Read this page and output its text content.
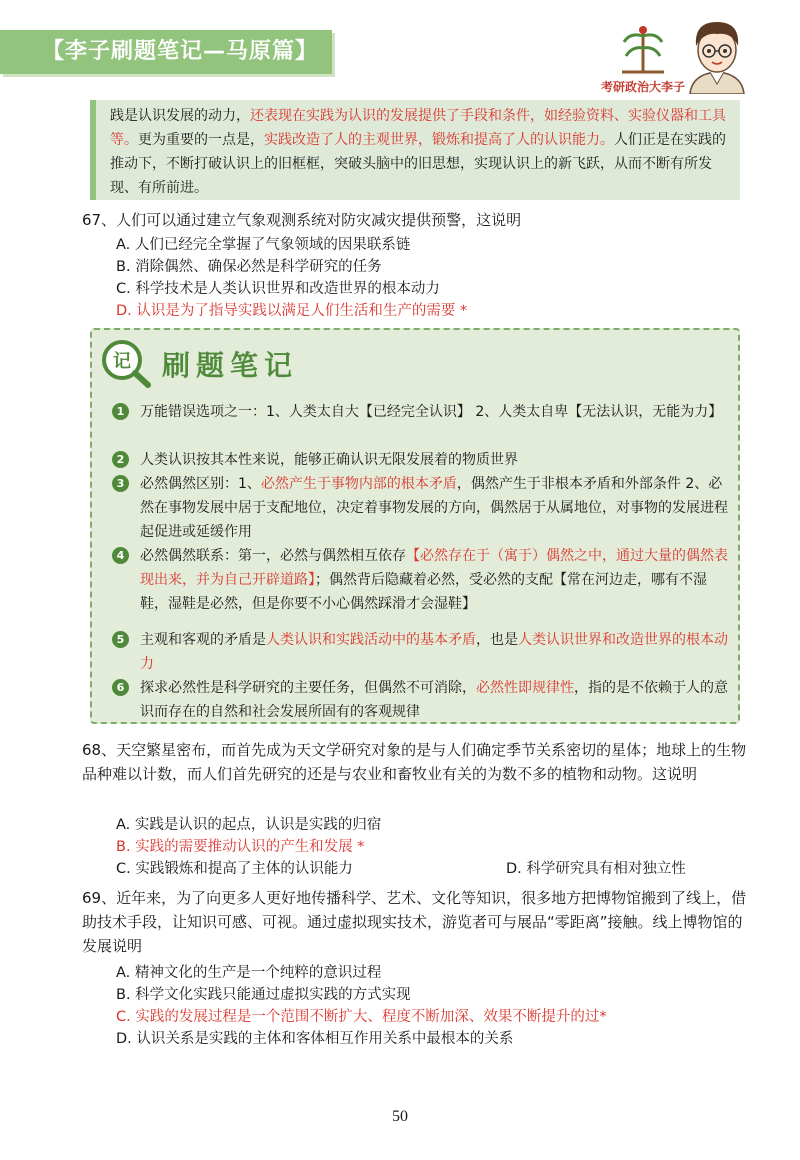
【李子刷题笔记—马原篇】
考研政治大李子
践是认识发展的动力，还表现在实践为认识的发展提供了手段和条件，如经验资料、实验仪器和工具等。更为重要的一点是，实践改造了人的主观世界，锻炼和提高了人的认识能力。人们正是在实践的推动下，不断打破认识上的旧框框，突破头脑中的旧思想，实现认识上的新飞跃，从而不断有所发现、有所前进。
67、人们可以通过建立气象观测系统对防灾减灾提供预警，这说明
A. 人们已经完全掌握了气象领域的因果联系链
B. 消除偶然、确保必然是科学研究的任务
C. 科学技术是人类认识世界和改造世界的根本动力
D. 认识是为了指导实践以满足人们生活和生产的需要 *
记 刷题笔记
1	万能错误选项之一：1、人类太自大【已经完全认识】 2、人类太自卑【无法认识，无能为力】
2	人类认识按其本性来说，能够正确认识无限发展着的物质世界
3	必然偶然区别：1、必然产生于事物内部的根本矛盾，偶然产生于非根本矛盾和外部条件 2、必然在事物发展中居于支配地位，决定着事物发展的方向，偶然居于从属地位，对事物的发展进程起促进或延缓作用
4	必然偶然联系：第一，必然与偶然相互依存【必然存在于（寓于）偶然之中，通过大量的偶然表现出来，并为自己开辟道路】；偶然背后隐藏着必然，受必然的支配【常在河边走，哪有不湿鞋，湿鞋是必然，但是你要不小心偶然踩滑才会湿鞋】
5	主观和客观的矛盾是人类认识和实践活动中的基本矛盾，也是人类认识世界和改造世界的根本动力
6	探求必然性是科学研究的主要任务，但偶然不可消除，必然性即规律性，指的是不依赖于人的意识而存在的自然和社会发展所固有的客观规律
68、天空繁星密布，而首先成为天文学研究对象的是与人们确定季节关系密切的星体；地球上的生物品种难以计数，而人们首先研究的还是与农业和畜牧业有关的为数不多的植物和动物。这说明
A. 实践是认识的起点，认识是实践的归宿
B. 实践的需要推动认识的产生和发展 *
C. 实践锻炼和提高了主体的认识能力	D. 科学研究具有相对独立性
69、近年来，为了向更多人更好地传播科学、艺术、文化等知识，很多地方把博物馆搬到了线上，借助技术手段，让知识可感、可视。通过虚拟现实技术，游览者可与展品“零距离”接触。线上博物馆的发展说明
A. 精神文化的生产是一个纯粹的意识过程
B. 科学文化实践只能通过虚拟实践的方式实现
C. 实践的发展过程是一个范围不断扩大、程度不断加深、效果不断提升的过*
D. 认识关系是实践的主体和客体相互作用关系中最根本的关系
50
